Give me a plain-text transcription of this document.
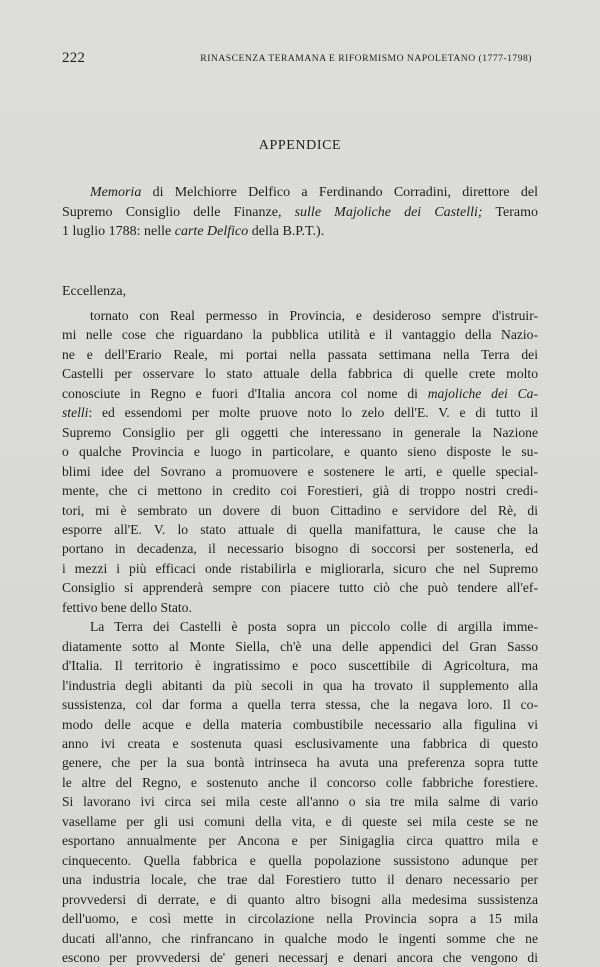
222	RINASCENZA TERAMANA E RIFORMISMO NAPOLETANO (1777-1798)
APPENDICE
Memoria di Melchiorre Delfico a Ferdinando Corradini, direttore del
Supremo Consiglio delle Finanze, sulle Majoliche dei Castelli; Teramo
1 luglio 1788: nelle carte Delfico della B.P.T.).
Eccellenza,
tornato con Real permesso in Provincia, e desideroso sempre d'istruir-
mi nelle cose che riguardano la pubblica utilità e il vantaggio della Nazio-
ne e dell'Erario Reale, mi portai nella passata settimana nella Terra dei
Castelli per osservare lo stato attuale della fabbrica di quelle crete molto
conosciute in Regno e fuori d'Italia ancora col nome di majoliche dei Ca-
stelli: ed essendomi per molte pruove noto lo zelo dell'E. V. e di tutto il
Supremo Consiglio per gli oggetti che interessano in generale la Nazione
o qualche Provincia e luogo in particolare, e quanto sieno disposte le su-
blimi idee del Sovrano a promuovere e sostenere le arti, e quelle special-
mente, che ci mettono in credito coi Forestieri, già di troppo nostri credi-
tori, mi è sembrato un dovere di buon Cittadino e servidore del Rè, di
esporre all'E. V. lo stato attuale di quella manifattura, le cause che la
portano in decadenza, il necessario bisogno di soccorsi per sostenerla, ed
i mezzi i più efficaci onde ristabilirla e migliorarla, sicuro che nel Supremo
Consiglio si apprenderà sempre con piacere tutto ciò che può tendere all'ef-
fettivo bene dello Stato.
La Terra dei Castelli è posta sopra un piccolo colle di argilla imme-
diatamente sotto al Monte Siella, ch'è una delle appendici del Gran Sasso
d'Italia. Il territorio è ingratissimo e poco suscettibile di Agricoltura, ma
l'industria degli abitanti da più secoli in qua ha trovato il supplemento alla
sussistenza, col dar forma a quella terra stessa, che la negava loro. Il co-
modo delle acque e della materia combustibile necessario alla figulina vi
anno ivi creata e sostenuta quasi esclusivamente una fabbrica di questo
genere, che per la sua bontà intrinseca ha avuta una preferenza sopra tutte
le altre del Regno, e sostenuto anche il concorso colle fabbriche forestiere.
Si lavorano ivi circa sei mila ceste all'anno o sia tre mila salme di vario
vasellame per gli usi comuni della vita, e di queste sei mila ceste se ne
esportano annualmente per Ancona e per Sinigaglia circa quattro mila e
cinquecento. Quella fabbrica e quella popolazione sussistono adunque per
una industria locale, che trae dal Forestiero tutto il denaro necessario per
provvedersi di derrate, e di quanto altro bisogni alla medesima sussistenza
dell'uomo, e così mette in circolazione nella Provincia sopra a 15 mila
ducati all'anno, che rinfrancano in qualche modo le ingenti somme che ne
escono per provvedersi de' generi necessarj e denari ancora che vengono di
